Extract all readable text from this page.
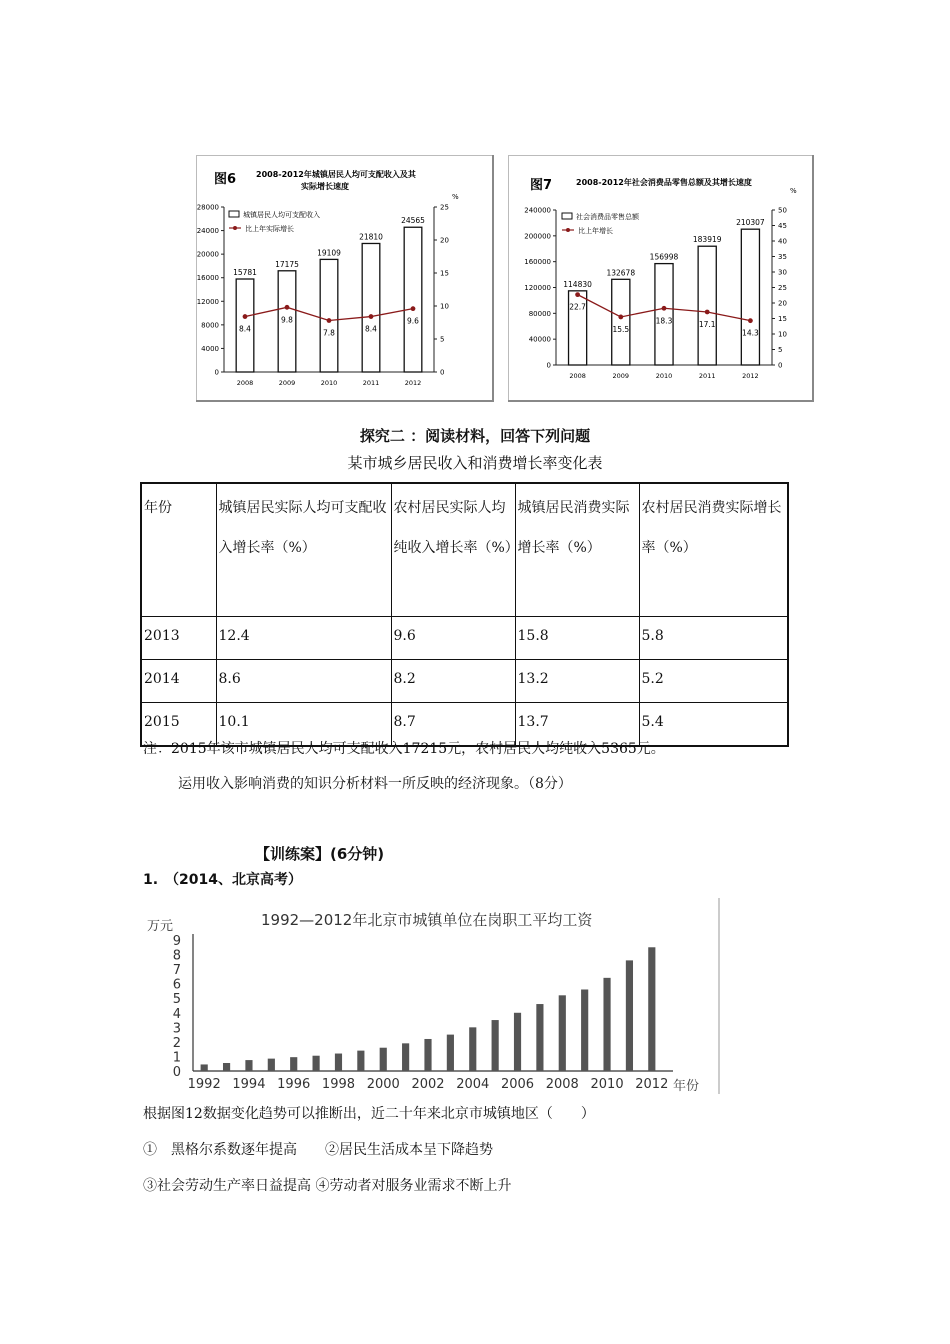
图6 2008-2012年城镇居民人均可支配收入及其
实际增长速度
%
28000
24000
20000
16000
12000
8000
4000
0
25
20
15
10
5
0
15781
2008
17175
2009
19109
2010
21810
2011
24565
2012
8.4
9.8
7.8	8.4
9.6
城镇居民人均可支配收入
比上年实际增长
图7	2008-2012年社会消费品零售总额及其增长速度
%
240000
200000
160000
120000
80000
40000
0
50
45
40
35
30
25
20
15
10
5
0
114830
2008
132678
2009
156998
2010
183919
2011
210307
2012
22.7
15.5
18.3	17.1
14.3
社会消费品零售总额
比上年增长
探究二 ：阅读材料，回答下列问题
某市城乡居民收入和消费增长率变化表
年份	城镇居民实际人均可支配收入增长率（%）	农村居民实际人均纯收入增长率（%）	城镇居民消费实际增长率（%）	农村居民消费实际增长率（%）
2013	12.4	9.6	15.8	5.8
2014	8.6	8.2	13.2	5.2
2015	10.1	8.7	13.7	5.4
注：2015年该市城镇居民人均可支配收入17215元，农村居民人均纯收入5365元。
运用收入影响消费的知识分析材料一所反映的经济现象。（8分）
【训练案】(6分钟)
1.　（2014、北京高考）
1992—2012年北京市城镇单位在岗职工平均工资
万元
年份
0
1
2
3
4
5
6
7
8
9
1992 1994 1996 1998 2000 2002 2004 2006 2008 2010 2012
根据图12数据变化趋势可以推断出，近二十年来北京市城镇地区（　　）
①　黑格尔系数逐年提高　　②居民生活成本呈下降趋势
③社会劳动生产率日益提高 ④劳动者对服务业需求不断上升
